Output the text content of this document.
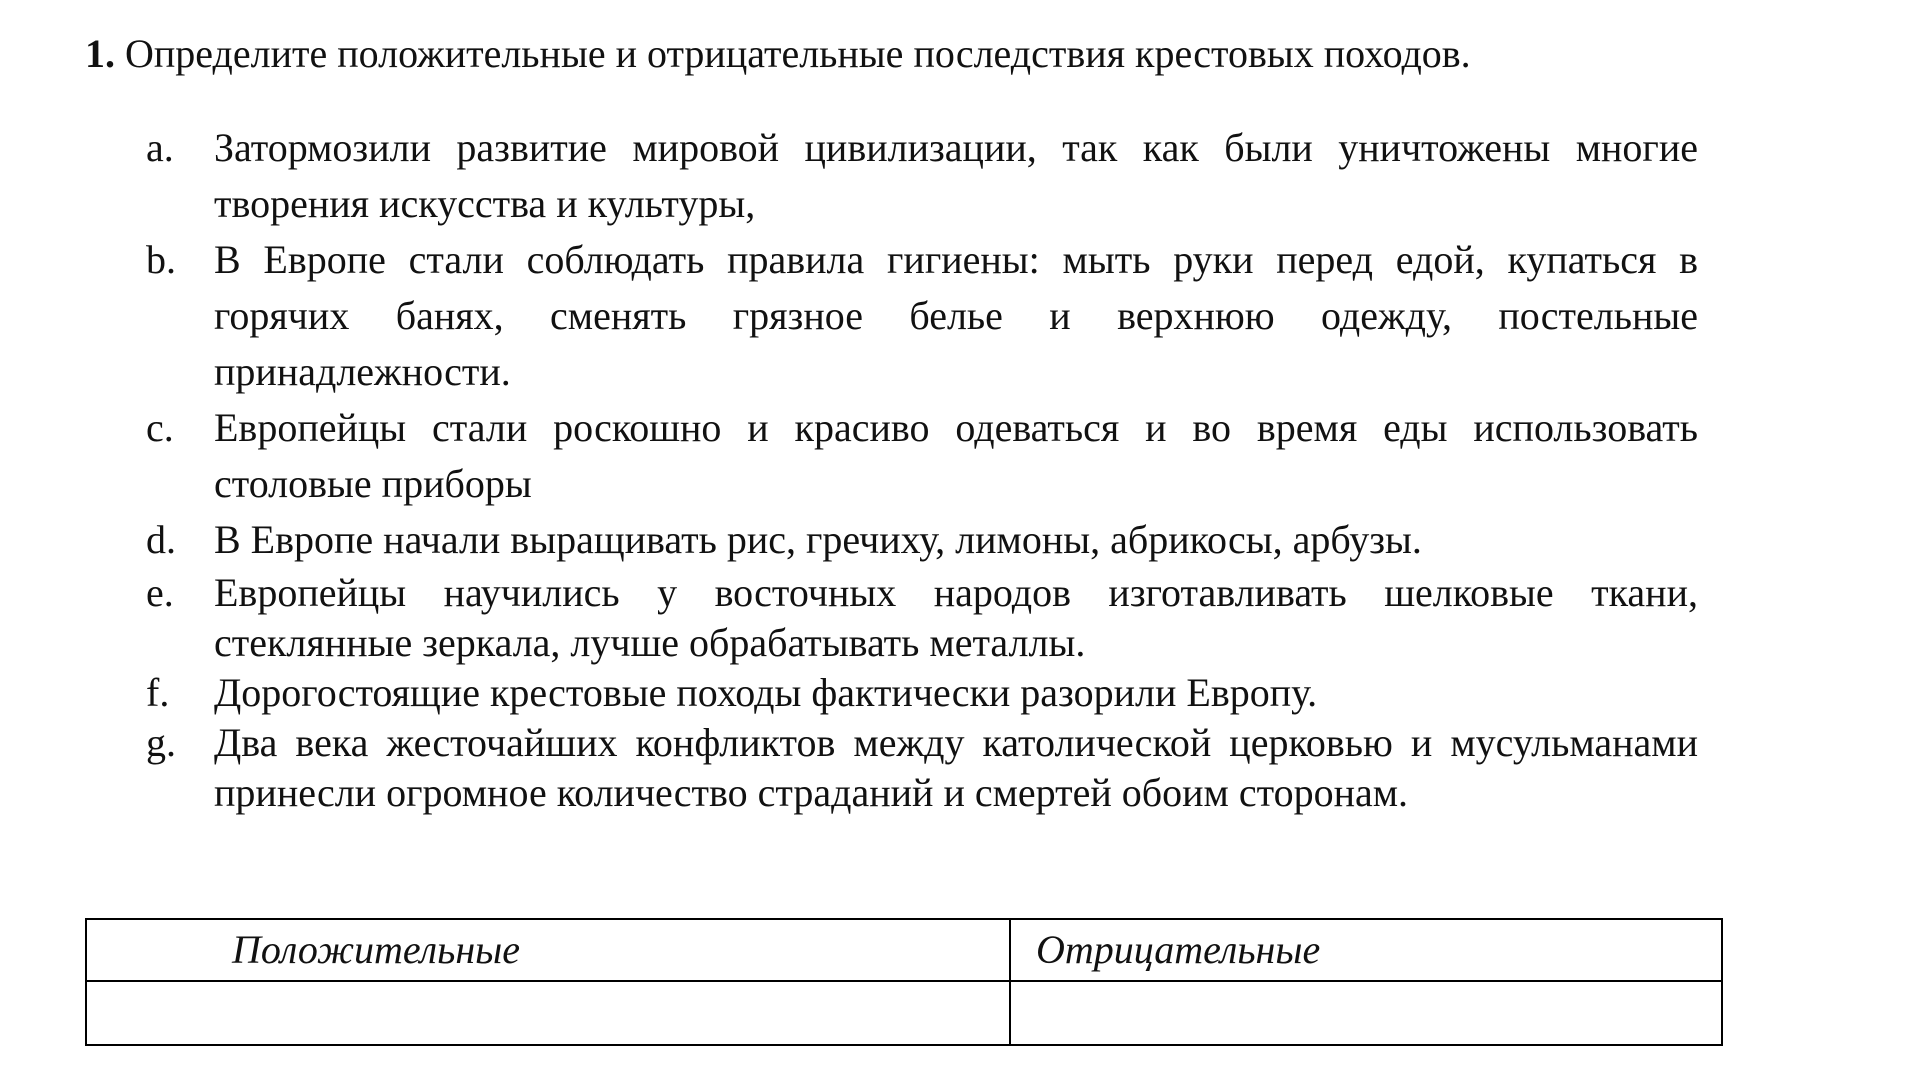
1. Определите положительные и отрицательные последствия крестовых походов.
a. Затормозили развитие мировой цивилизации, так как были уничтожены многие творения искусства и культуры,
b. В Европе стали соблюдать правила гигиены: мыть руки перед едой, купаться в горячих банях, сменять грязное белье и верхнюю одежду, постельные принадлежности.
c. Европейцы стали роскошно и красиво одеваться и во время еды использовать столовые приборы
d. В Европе начали выращивать рис, гречиху, лимоны, абрикосы, арбузы.
e. Европейцы научились у восточных народов изготавливать шелковые ткани, стеклянные зеркала, лучше обрабатывать металлы.
f. Дорогостоящие крестовые походы фактически разорили Европу.
g. Два века жесточайших конфликтов между католической церковью и мусульманами принесли огромное количество страданий и смертей обоим сторонам.
Положительные	Отрицательные
